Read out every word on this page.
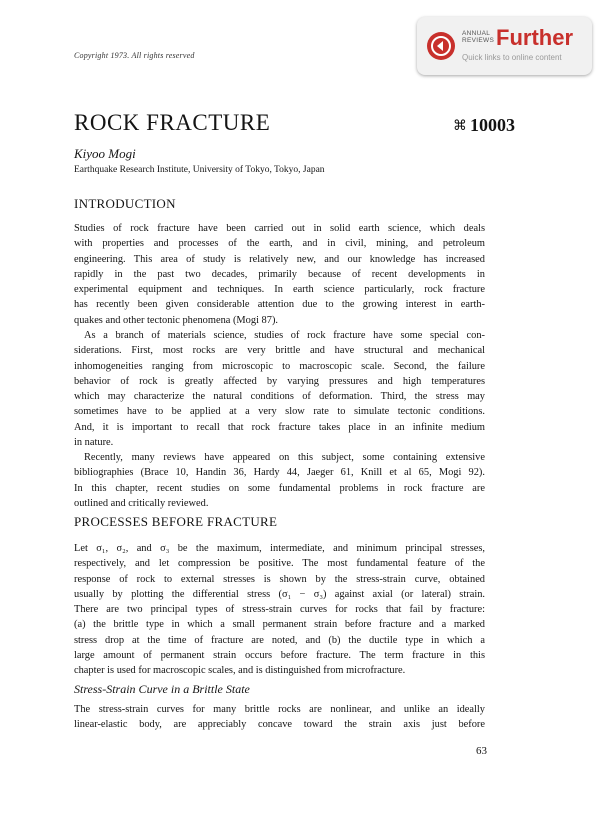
Copyright 1973. All rights reserved
ANNUAL
REVIEWS Further
Quick links to online content
ROCK FRACTURE	⌘ 10003
Kiyoo Mogi
Earthquake Research Institute, University of Tokyo, Tokyo, Japan
INTRODUCTION
Studies of rock fracture have been carried out in solid earth science, which deals
with properties and processes of the earth, and in civil, mining, and petroleum
engineering. This area of study is relatively new, and our knowledge has increased
rapidly in the past two decades, primarily because of recent developments in
experimental equipment and techniques. In earth science particularly, rock fracture
has recently been given considerable attention due to the growing interest in earth-
quakes and other tectonic phenomena (Mogi 87).
As a branch of materials science, studies of rock fracture have some special con-
siderations. First, most rocks are very brittle and have structural and mechanical
inhomogeneities ranging from microscopic to macroscopic scale. Second, the failure
behavior of rock is greatly affected by varying pressures and high temperatures
which may characterize the natural conditions of deformation. Third, the stress may
sometimes have to be applied at a very slow rate to simulate tectonic conditions.
And, it is important to recall that rock fracture takes place in an infinite medium
in nature.
Recently, many reviews have appeared on this subject, some containing extensive
bibliographies (Brace 10, Handin 36, Hardy 44, Jaeger 61, Knill et al 65, Mogi 92).
In this chapter, recent studies on some fundamental problems in rock fracture are
outlined and critically reviewed.
PROCESSES BEFORE FRACTURE
Let σ₁, σ₂, and σ₃ be the maximum, intermediate, and minimum principal stresses,
respectively, and let compression be positive. The most fundamental feature of the
response of rock to external stresses is shown by the stress-strain curve, obtained
usually by plotting the differential stress (σ₁ − σ₃) against axial (or lateral) strain.
There are two principal types of stress-strain curves for rocks that fail by fracture:
(a) the brittle type in which a small permanent strain before fracture and a marked
stress drop at the time of fracture are noted, and (b) the ductile type in which a
large amount of permanent strain occurs before fracture. The term fracture in this
chapter is used for macroscopic scales, and is distinguished from microfracture.
Stress-Strain Curve in a Brittle State
The stress-strain curves for many brittle rocks are nonlinear, and unlike an ideally
linear-elastic body, are appreciably concave toward the strain axis just before
63
